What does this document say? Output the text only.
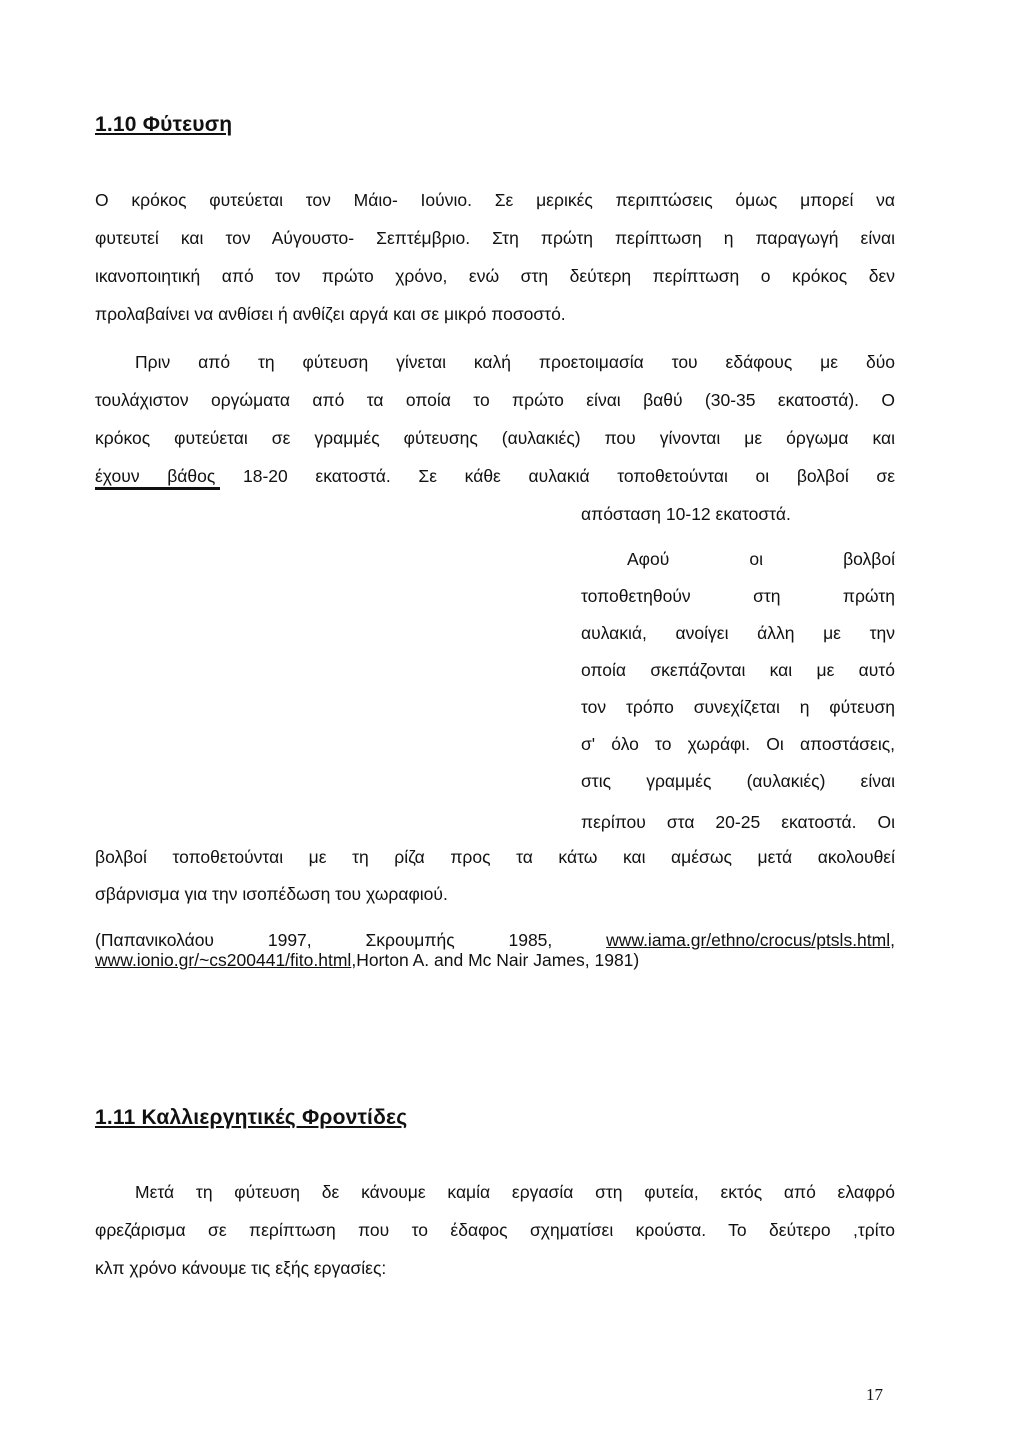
1.10 Φύτευση
Ο κρόκος φυτεύεται τον Μάιο- Ιούνιο. Σε μερικές περιπτώσεις όμως μπορεί να
φυτευτεί και τον Αύγουστο- Σεπτέμβριο. Στη πρώτη περίπτωση η παραγωγή είναι
ικανοποιητική από τον πρώτο χρόνο, ενώ στη δεύτερη περίπτωση ο κρόκος δεν
προλαβαίνει να ανθίσει ή ανθίζει αργά και σε μικρό ποσοστό.
Πριν από τη φύτευση γίνεται καλή προετοιμασία του εδάφους με δύο
τουλάχιστον οργώματα από τα οποία το πρώτο είναι βαθύ (30-35 εκατοστά). Ο
κρόκος φυτεύεται σε γραμμές φύτευσης (αυλακιές) που γίνονται με όργωμα και
έχουν βάθος 18-20 εκατοστά. Σε κάθε αυλακιά τοποθετούνται οι βολβοί σε
απόσταση 10-12 εκατοστά.
Αφού οι βολβοί
τοποθετηθούν στη πρώτη
αυλακιά, ανοίγει άλλη με την
οποία σκεπάζονται και με αυτό
τον τρόπο συνεχίζεται η φύτευση
σ' όλο το χωράφι. Οι αποστάσεις,
στις γραμμές (αυλακιές) είναι
περίπου στα 20-25 εκατοστά. Οι
βολβοί τοποθετούνται με τη ρίζα προς τα κάτω και αμέσως μετά ακολουθεί
σβάρνισμα για την ισοπέδωση του χωραφιού.
(Παπανικολάου 1997, Σκρουμπής 1985, www.iama.gr/ethno/crocus/ptsls.html,
www.ionio.gr/~cs200441/fito.html,Horton A. and Mc Nair James, 1981)
1.11 Καλλιεργητικές Φροντίδες
Μετά τη φύτευση δε κάνουμε καμία εργασία στη φυτεία, εκτός από ελαφρό
φρεζάρισμα σε περίπτωση που το έδαφος σχηματίσει κρούστα. Το δεύτερο ,τρίτο
κλπ χρόνο κάνουμε τις εξής εργασίες:
17
